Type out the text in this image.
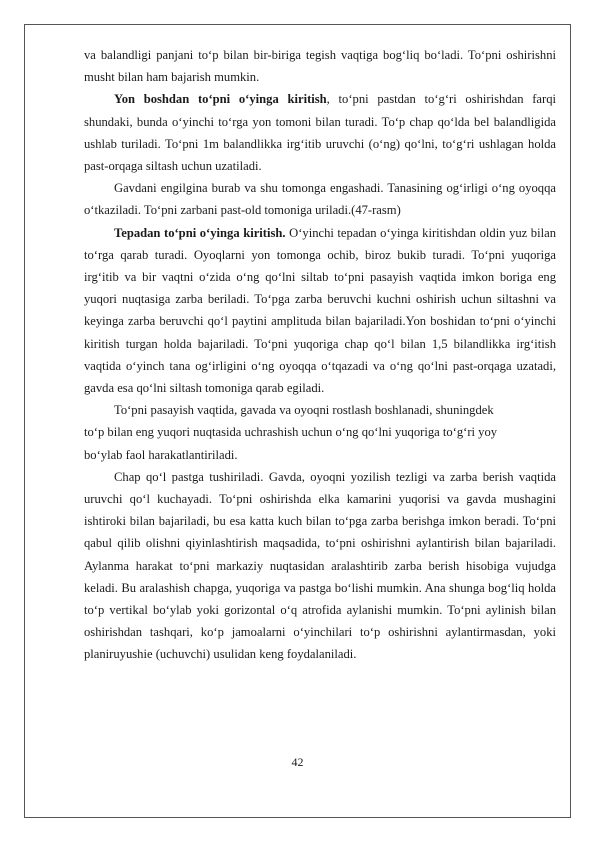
va balandligi panjani to‘p bilan bir-biriga tegish vaqtiga bog‘liq bo‘ladi. To‘pni oshirishni musht bilan ham bajarish mumkin.

Yon boshdan to‘pni o‘yinga kiritish, to‘pni pastdan to‘g‘ri oshirishdan farqi shundaki, bunda o‘yinchi to‘rga yon tomoni bilan turadi. To‘p chap qo‘lda bel balandligida ushlab turiladi. To‘pni 1m balandlikka irg‘itib uruvchi (o‘ng) qo‘lni, to‘g‘ri ushlagan holda past-orqaga siltash uchun uzatiladi.

Gavdani engilgina burab va shu tomonga engashadi. Tanasining og‘irligi o‘ng oyoqqa o‘tkaziladi. To‘pni zarbani past-old tomoniga uriladi.(47-rasm)

Tepadan to‘pni o‘yinga kiritish. O‘yinchi tepadan o‘yinga kiritishdan oldin yuz bilan to‘rga qarab turadi. Oyoqlarni yon tomonga ochib, biroz bukib turadi. To‘pni yuqoriga irg‘itib va bir vaqtni o‘zida o‘ng qo‘lni siltab to‘pni pasayish vaqtida imkon boriga eng yuqori nuqtasiga zarba beriladi. To‘pga zarba beruvchi kuchni oshirish uchun siltashni va keyinga zarba beruvchi qo‘l paytini amplituda bilan bajariladi.Yon boshidan to‘pni o‘yinchi kiritish turgan holda bajariladi. To‘pni yuqoriga chap qo‘l bilan 1,5 bilandlikka irg‘itish vaqtida o‘yinch tana og‘irligini o‘ng oyoqqa o‘tqazadi va o‘ng qo‘lni past-orqaga uzatadi, gavda esa qo‘lni siltash tomoniga qarab egiladi.

To‘pni pasayish vaqtida, gavada va oyoqni rostlash boshlanadi, shuningdek

to‘p bilan eng yuqori nuqtasida uchrashish uchun o‘ng qo‘lni yuqoriga to‘g‘ri yoy

bo‘ylab faol harakatlantiriladi.

Chap qo‘l pastga tushiriladi. Gavda, oyoqni yozilish tezligi va zarba berish vaqtida uruvchi qo‘l kuchayadi. To‘pni oshirishda elka kamarini yuqorisi va gavda mushagini ishtiroki bilan bajariladi, bu esa katta kuch bilan to‘pga zarba berishga imkon beradi. To‘pni qabul qilib olishni qiyinlashtirish maqsadida, to‘pni oshirishni aylantirish bilan bajariladi. Aylanma harakat to‘pni markaziy nuqtasidan aralashtirib zarba berish hisobiga vujudga keladi. Bu aralashish chapga, yuqoriga va pastga bo‘lishi mumkin. Ana shunga bog‘liq holda to‘p vertikal bo‘ylab yoki gorizontal o‘q atrofida aylanishi mumkin. To‘pni aylinish bilan oshirishdan tashqari, ko‘p jamoalarni o‘yinchilari to‘p oshirishni aylantirmasdan, yoki planiruyushie (uchuvchi) usulidan keng foydalaniladi.

42
